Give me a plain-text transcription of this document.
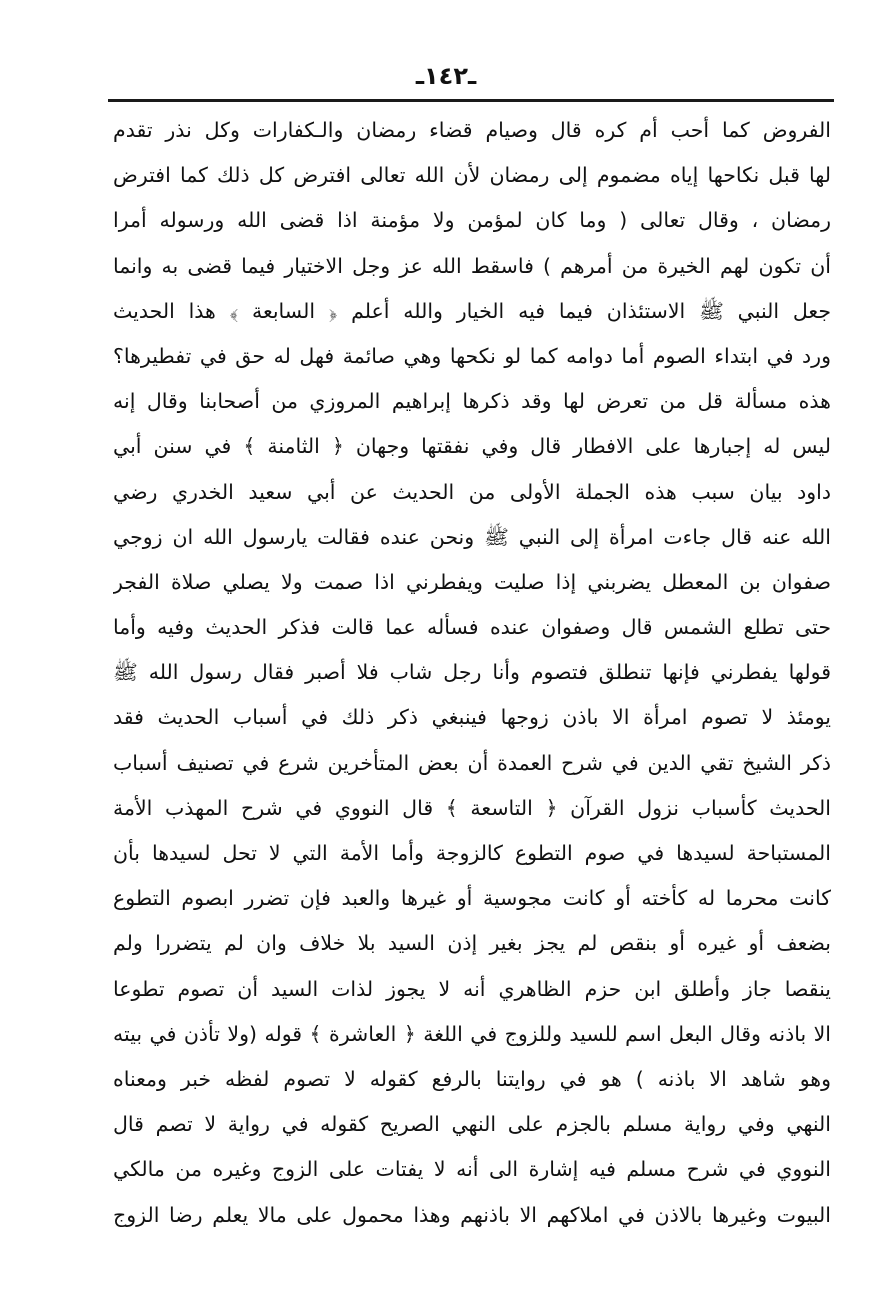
ـ١٤٢ـ
الفروض كما أحب أم كره قال وصيام قضاء رمضان والـكفارات وكل نذر تقدم
لها قبل نكاحها إياه مضموم إلى رمضان لأن الله تعالى افترض كل ذلك كما افترض
رمضان ، وقال تعالى ( وما كان لمؤمن ولا مؤمنة اذا قضى الله ورسوله أمرا
أن تكون لهم الخيرة من أمرهم ) فاسقط الله عز وجل الاختيار فيما قضى به وانما
جعل النبي ﷺ الاستئذان فيما فيه الخيار والله أعلم ﴿ السابعة ﴾ هذا الحديث
ورد في ابتداء الصوم أما دوامه كما لو نكحها وهي صائمة فهل له حق في تفطيرها؟
هذه مسألة قل من تعرض لها وقد ذكرها إبراهيم المروزي من أصحابنا وقال إنه
ليس له إجبارها على الافطار قال وفي نفقتها وجهان ﴿ الثامنة ﴾ في سنن أبي
داود بيان سبب هذه الجملة الأولى من الحديث عن أبي سعيد الخدري رضي
الله عنه قال جاءت امرأة إلى النبي ﷺ ونحن عنده فقالت يارسول الله ان زوجي
صفوان بن المعطل يضربني إذا صليت ويفطرني اذا صمت ولا يصلي صلاة الفجر
حتى تطلع الشمس قال وصفوان عنده فسأله عما قالت فذكر الحديث وفيه وأما
قولها يفطرني فإنها تنطلق فتصوم وأنا رجل شاب فلا أصبر فقال رسول الله ﷺ
يومئذ لا تصوم امرأة الا باذن زوجها فينبغي ذكر ذلك في أسباب الحديث فقد
ذكر الشيخ تقي الدين في شرح العمدة أن بعض المتأخرين شرع في تصنيف أسباب
الحديث كأسباب نزول القرآن ﴿ التاسعة ﴾ قال النووي في شرح المهذب الأمة
المستباحة لسيدها في صوم التطوع كالزوجة وأما الأمة التي لا تحل لسيدها بأن
كانت محرما له كأخته أو كانت مجوسية أو غيرها والعبد فإن تضرر ابصوم التطوع
بضعف أو غيره أو بنقص لم يجز بغير إذن السيد بلا خلاف وان لم يتضررا ولم
ينقصا جاز وأطلق ابن حزم الظاهري أنه لا يجوز لذات السيد أن تصوم تطوعا
الا باذنه وقال البعل اسم للسيد وللزوج في اللغة ﴿ العاشرة ﴾ قوله (ولا تأذن في بيته
وهو شاهد الا باذنه ) هو في روايتنا بالرفع كقوله لا تصوم لفظه خبر ومعناه
النهي وفي رواية مسلم بالجزم على النهي الصريح كقوله في رواية لا تصم قال
النووي في شرح مسلم فيه إشارة الى أنه لا يفتات على الزوج وغيره من مالكي
البيوت وغيرها بالاذن في املاكهم الا باذنهم وهذا محمول على مالا يعلم رضا الزوج
